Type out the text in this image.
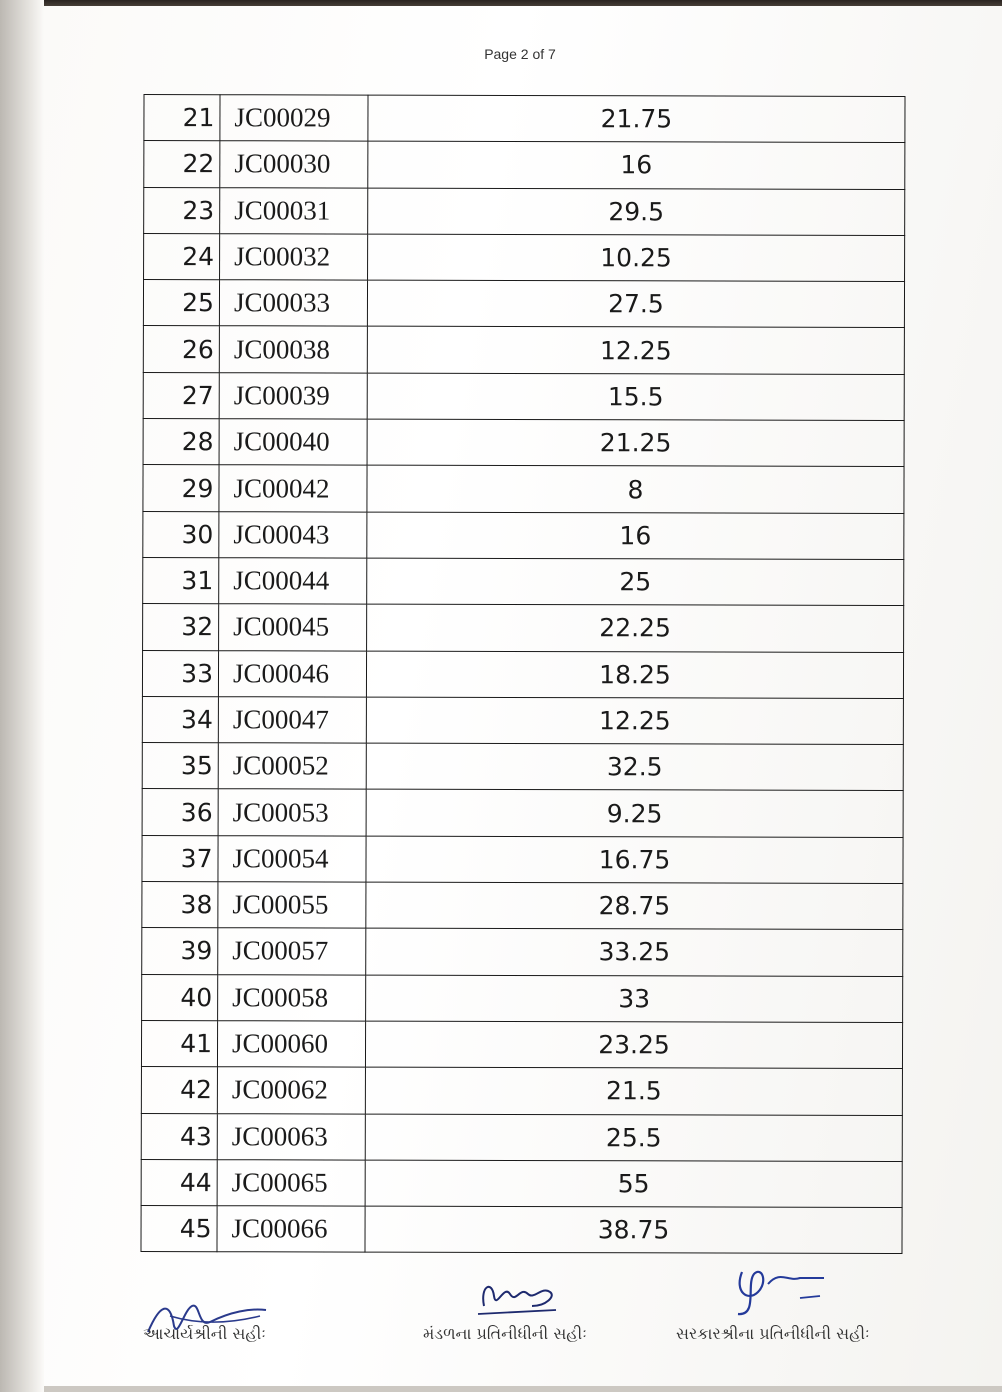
Page 2 of 7
21	JC00029	21.75
22	JC00030	16
23	JC00031	29.5
24	JC00032	10.25
25	JC00033	27.5
26	JC00038	12.25
27	JC00039	15.5
28	JC00040	21.25
29	JC00042	8
30	JC00043	16
31	JC00044	25
32	JC00045	22.25
33	JC00046	18.25
34	JC00047	12.25
35	JC00052	32.5
36	JC00053	9.25
37	JC00054	16.75
38	JC00055	28.75
39	JC00057	33.25
40	JC00058	33
41	JC00060	23.25
42	JC00062	21.5
43	JC00063	25.5
44	JC00065	55
45	JC00066	38.75
આચાર્યશ્રીની સહીઃ	મંડળના પ્રતિનીધીની સહીઃ	સરકારશ્રીના પ્રતિનીધીની સહીઃ
